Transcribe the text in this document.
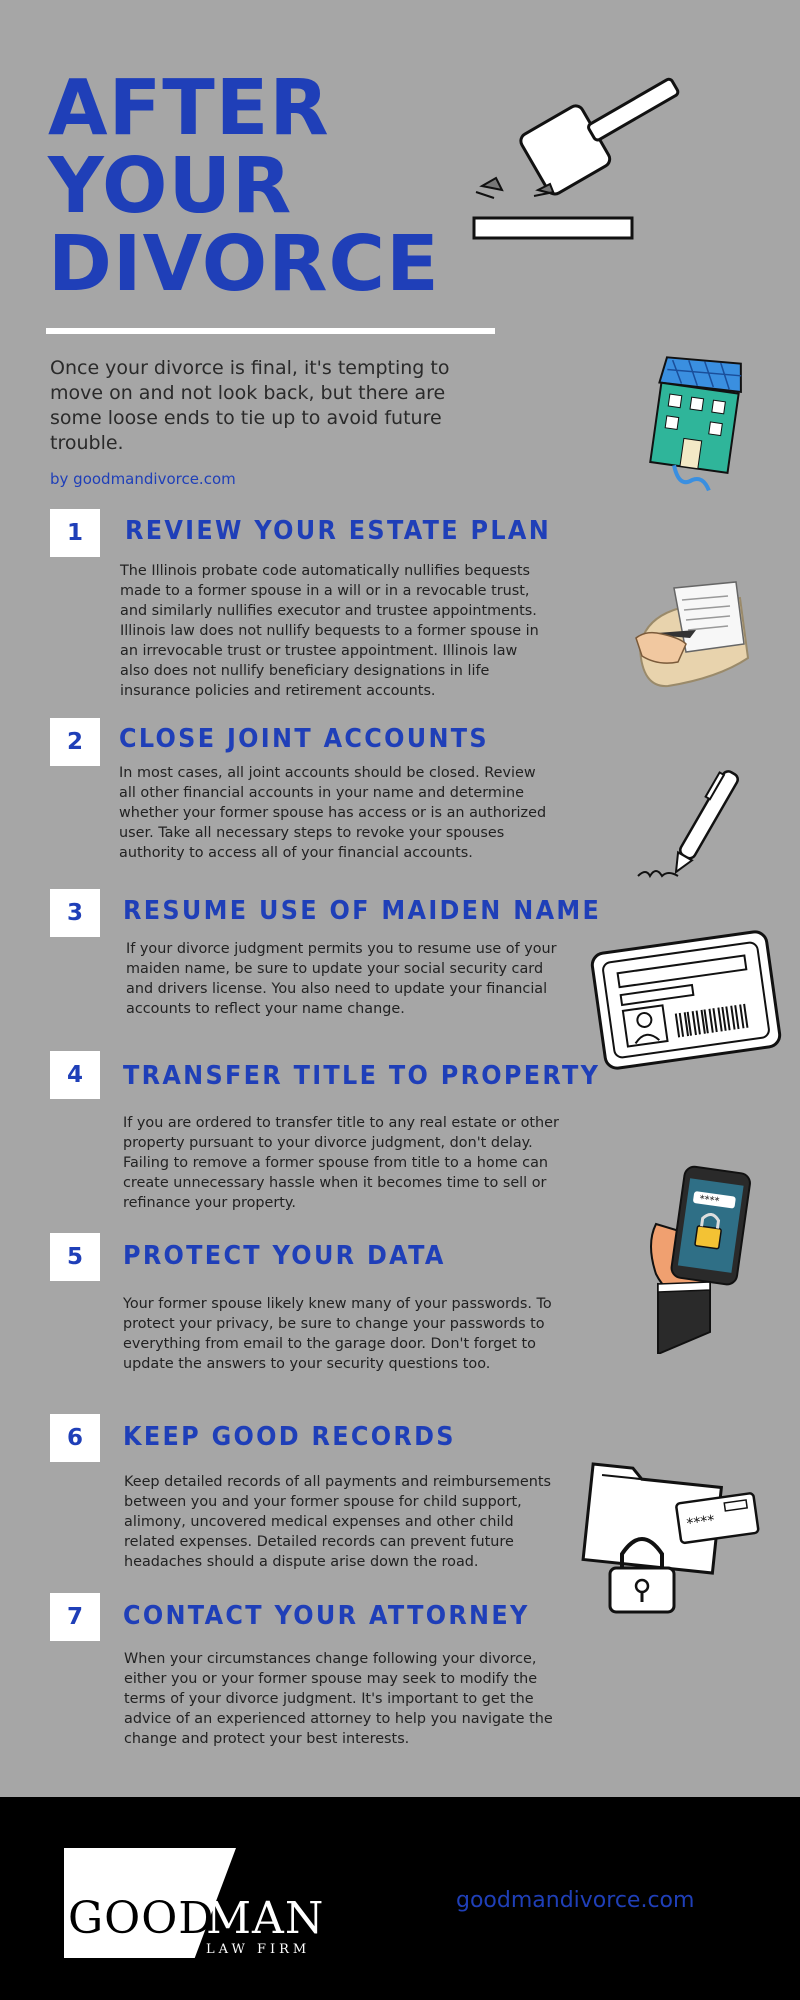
AFTER
YOUR
DIVORCE
Once your divorce is final, it's tempting to move on and not look back, but there are some loose ends to tie up to avoid future trouble.
by goodmandivorce.com
1	REVIEW YOUR ESTATE PLAN
The Illinois probate code automatically nullifies bequests made to a former spouse in a will or in a revocable trust, and similarly nullifies executor and trustee appointments. Illinois law does not nullify bequests to a former spouse in an irrevocable trust or trustee appointment. Illinois law also does not nullify beneficiary designations in life insurance policies and retirement accounts.
2	CLOSE JOINT ACCOUNTS
In most cases, all joint accounts should be closed. Review all other financial accounts in your name and determine whether your former spouse has access or is an authorized user. Take all necessary steps to revoke your spouses authority to access all of your financial accounts.
3	RESUME USE OF MAIDEN NAME
If your divorce judgment permits you to resume use of your maiden name, be sure to update your social security card and drivers license. You also need to update your financial accounts to reflect your name change.
4	TRANSFER TITLE TO PROPERTY
If you are ordered to transfer title to any real estate or other property pursuant to your divorce judgment, don't delay. Failing to remove a former spouse from title to a home can create unnecessary hassle when it becomes time to sell or refinance your property.
5	PROTECT YOUR DATA
Your former spouse likely knew many of your passwords. To protect your privacy, be sure to change your passwords to everything from email to the garage door. Don't forget to update the answers to your security questions too.
****
6	KEEP GOOD RECORDS
Keep detailed records of all payments and reimbursements between you and your former spouse for child support, alimony, uncovered medical expenses and other child related expenses. Detailed records can prevent future headaches should a dispute arise down the road.
****
7	CONTACT YOUR ATTORNEY
When your circumstances change following your divorce, either you or your former spouse may seek to modify the terms of your divorce judgment. It's important to get the advice of an experienced attorney to help you navigate the change and protect your best interests.
GOOD
MAN
LAW FIRM
goodmandivorce.com
